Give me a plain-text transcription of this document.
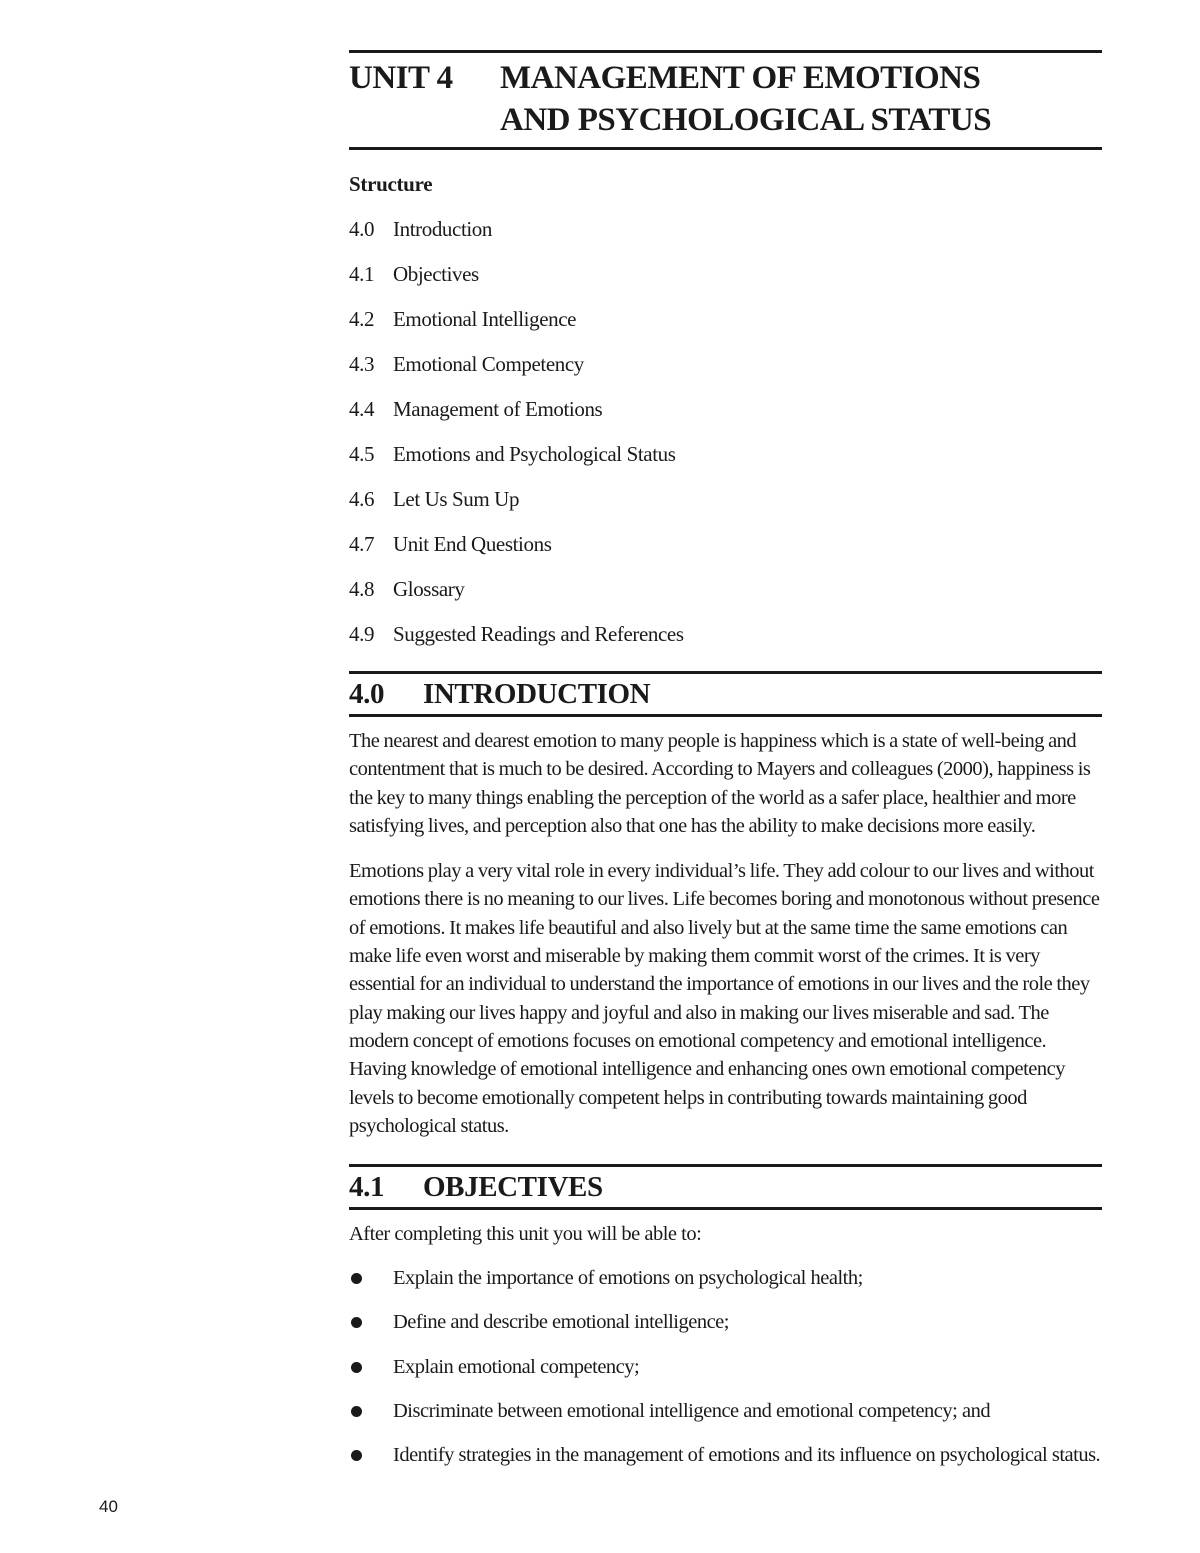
UNIT 4	MANAGEMENT OF EMOTIONS
AND PSYCHOLOGICAL STATUS
Structure
4.0 Introduction
4.1 Objectives
4.2 Emotional Intelligence
4.3 Emotional Competency
4.4 Management of Emotions
4.5 Emotions and Psychological Status
4.6 Let Us Sum Up
4.7 Unit End Questions
4.8 Glossary
4.9 Suggested Readings and References
4.0	INTRODUCTION

The nearest and dearest emotion to many people is happiness which is a state of well-being and contentment that is much to be desired. According to Mayers and colleagues (2000), happiness is the key to many things enabling the perception of the world as a safer place, healthier and more satisfying lives, and perception also that one has the ability to make decisions more easily.

Emotions play a very vital role in every individual’s life. They add colour to our lives and without emotions there is no meaning to our lives. Life becomes boring and monotonous without presence of emotions. It makes life beautiful and also lively but at the same time the same emotions can make life even worst and miserable by making them commit worst of the crimes. It is very essential for an individual to understand the importance of emotions in our lives and the role they play making our lives happy and joyful and also in making our lives miserable and sad. The modern concept of emotions focuses on emotional competency and emotional intelligence. Having knowledge of emotional intelligence and enhancing ones own emotional competency levels to become emotionally competent helps in contributing towards maintaining good psychological status.

4.1	OBJECTIVES
After completing this unit you will be able to:
Explain the importance of emotions on psychological health;
Define and describe emotional intelligence;
Explain emotional competency;
Discriminate between emotional intelligence and emotional competency; and
Identify strategies in the management of emotions and its influence on psychological status.
40
